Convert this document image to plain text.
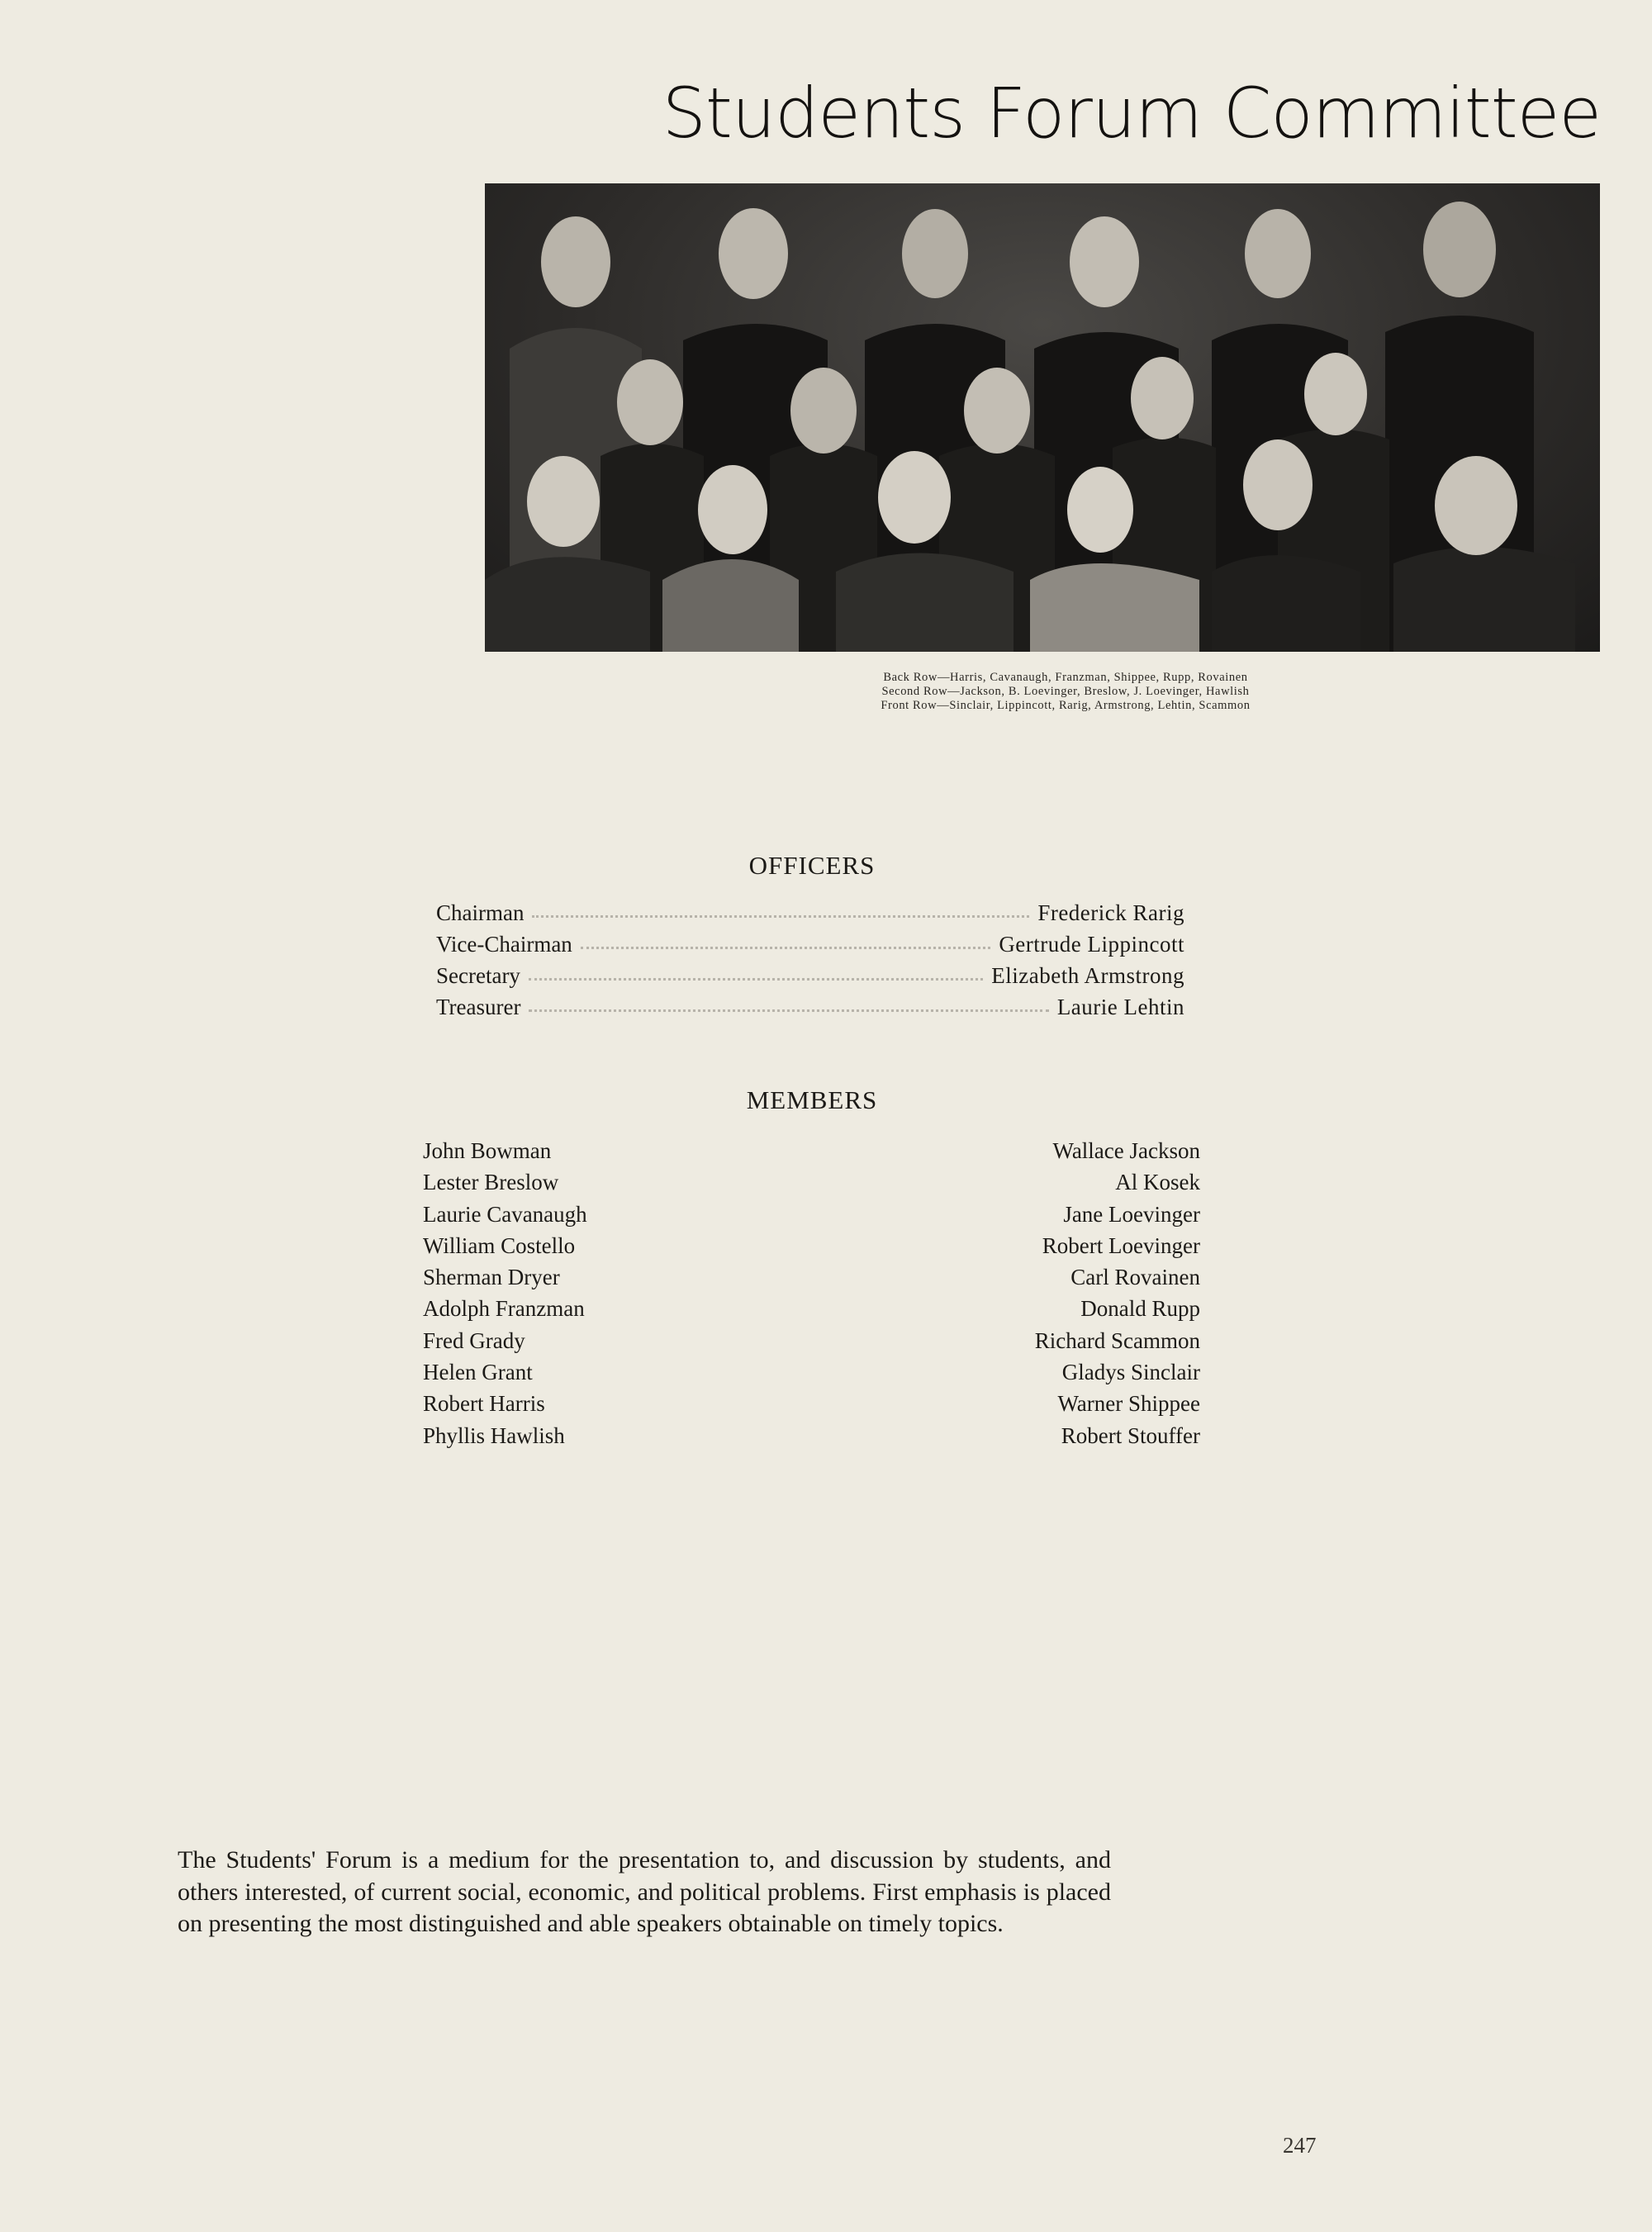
Students Forum Committee
Back Row—Harris, Cavanaugh, Franzman, Shippee, Rupp, Rovainen
Second Row—Jackson, B. Loevinger, Breslow, J. Loevinger, Hawlish
Front Row—Sinclair, Lippincott, Rarig, Armstrong, Lehtin, Scammon
OFFICERS
Chairman	Frederick Rarig
Vice-Chairman	Gertrude Lippincott
Secretary	Elizabeth Armstrong
Treasurer	Laurie Lehtin
MEMBERS
John Bowman
Lester Breslow
Laurie Cavanaugh
William Costello
Sherman Dryer
Adolph Franzman
Fred Grady
Helen Grant
Robert Harris
Phyllis Hawlish
Wallace Jackson
Al Kosek
Jane Loevinger
Robert Loevinger
Carl Rovainen
Donald Rupp
Richard Scammon
Gladys Sinclair
Warner Shippee
Robert Stouffer

The Students' Forum is a medium for the presentation to, and discussion by students, and others interested, of current social, economic, and political problems. First emphasis is placed on presenting the most distinguished and able speakers obtainable on timely topics.

247
